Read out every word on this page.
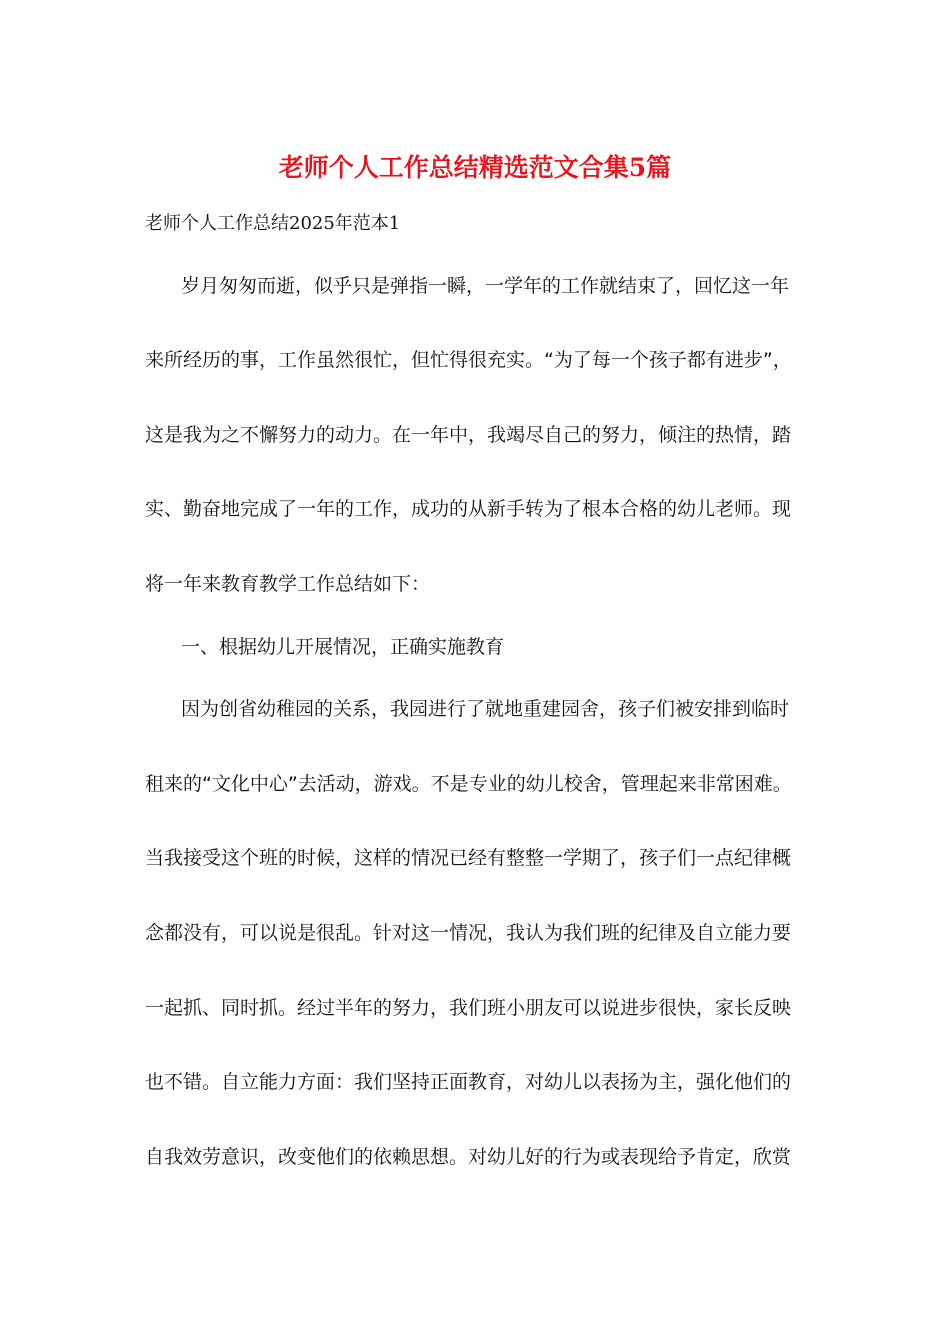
老师个人工作总结精选范文合集5篇
老师个人工作总结2025年范本1
岁月匆匆而逝，似乎只是弹指一瞬，一学年的工作就结束了，回忆这一年
来所经历的事，工作虽然很忙，但忙得很充实。“为了每一个孩子都有进步”，
这是我为之不懈努力的动力。在一年中，我竭尽自己的努力，倾注的热情，踏
实、勤奋地完成了一年的工作，成功的从新手转为了根本合格的幼儿老师。现
将一年来教育教学工作总结如下：
一、根据幼儿开展情况，正确实施教育
因为创省幼稚园的关系，我园进行了就地重建园舍，孩子们被安排到临时
租来的“文化中心”去活动，游戏。不是专业的幼儿校舍，管理起来非常困难。
当我接受这个班的时候，这样的情况已经有整整一学期了，孩子们一点纪律概
念都没有，可以说是很乱。针对这一情况，我认为我们班的纪律及自立能力要
一起抓、同时抓。经过半年的努力，我们班小朋友可以说进步很快，家长反映
也不错。自立能力方面：我们坚持正面教育，对幼儿以表扬为主，强化他们的
自我效劳意识，改变他们的依赖思想。对幼儿好的行为或表现给予肯定，欣赏
